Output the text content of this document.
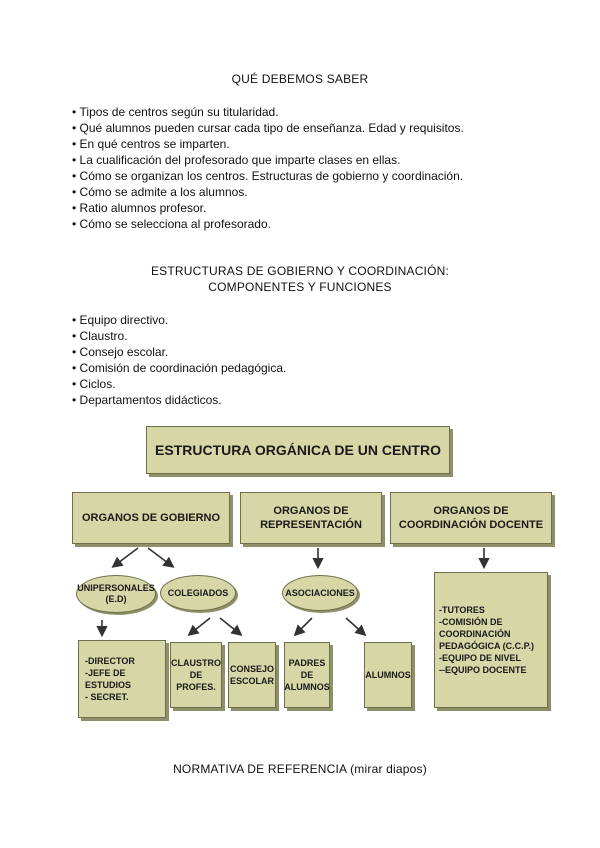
QUÉ DEBEMOS SABER
• Tipos de centros según su titularidad.
• Qué alumnos pueden cursar cada tipo de enseñanza. Edad y requisitos.
• En qué centros se imparten.
• La cualificación del profesorado que imparte clases en ellas.
• Cómo se organizan los centros. Estructuras de gobierno y coordinación.
• Cómo se admite a los alumnos.
• Ratio alumnos profesor.
• Cómo se selecciona al profesorado.
ESTRUCTURAS DE GOBIERNO Y COORDINACIÓN:
COMPONENTES Y FUNCIONES
• Equipo directivo.
• Claustro.
• Consejo escolar.
• Comisión de coordinación pedagógica.
• Ciclos.
• Departamentos didácticos.
ESTRUCTURA ORGÁNICA DE UN CENTRO
ORGANOS DE GOBIERNO
ORGANOS DE
REPRESENTACIÓN
ORGANOS DE
COORDINACIÓN DOCENTE
UNIPERSONALES
(E.D)
COLEGIADOS	ASOCIACIONES
-DIRECTOR
-JEFE DE ESTUDIOS
- SECRET.
CLAUSTRO
DE
PROFES.
CONSEJO
ESCOLAR
PADRES
DE
ALUMNOS
ALUMNOS
-TUTORES
-COMISIÓN DE
COORDINACIÓN
PEDAGÓGICA (C.C.P.)
-EQUIPO DE NIVEL
--EQUIPO DOCENTE
NORMATIVA DE REFERENCIA (mirar diapos)
